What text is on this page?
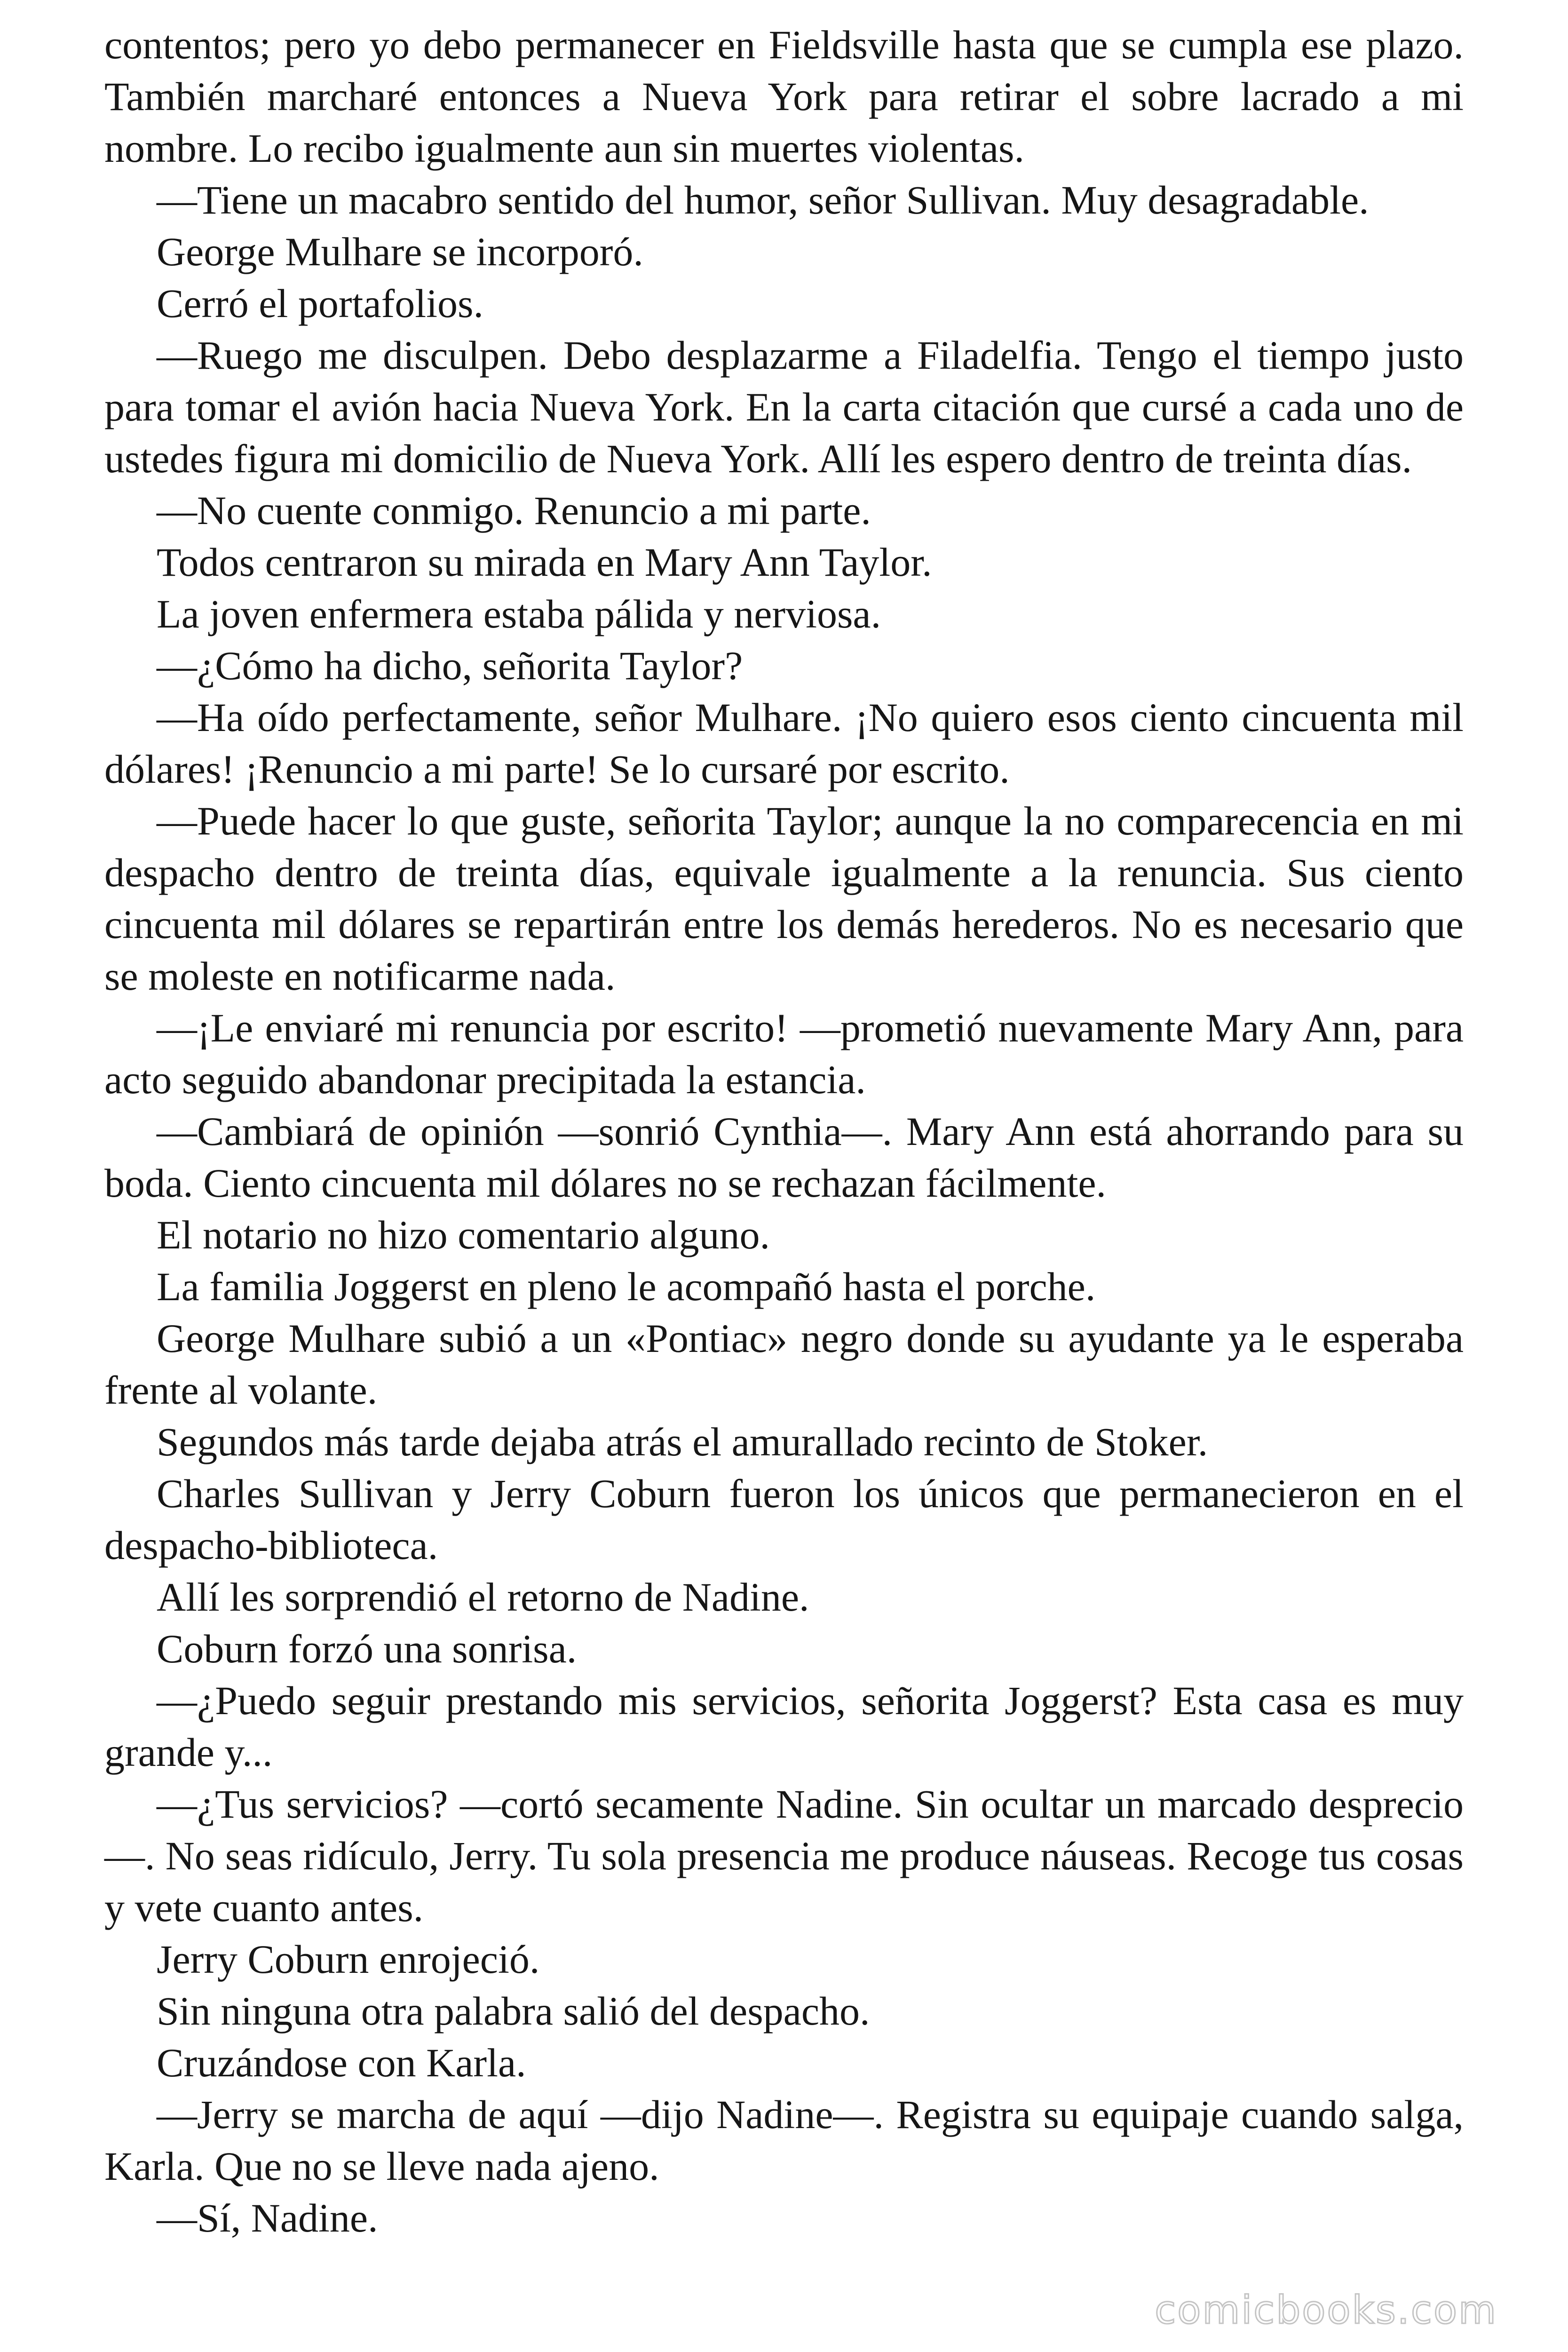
contentos; pero yo debo permanecer en Fieldsville hasta que se cumpla ese plazo. También marcharé entonces a Nueva York para retirar el sobre lacrado a mi nombre. Lo recibo igualmente aun sin muertes violentas.

—Tiene un macabro sentido del humor, señor Sullivan. Muy desagradable.

George Mulhare se incorporó.

Cerró el portafolios.

—Ruego me disculpen. Debo desplazarme a Filadelfia. Tengo el tiempo justo para tomar el avión hacia Nueva York. En la carta citación que cursé a cada uno de ustedes figura mi domicilio de Nueva York. Allí les espero dentro de treinta días.

—No cuente conmigo. Renuncio a mi parte.

Todos centraron su mirada en Mary Ann Taylor.

La joven enfermera estaba pálida y nerviosa.

—¿Cómo ha dicho, señorita Taylor?

—Ha oído perfectamente, señor Mulhare. ¡No quiero esos ciento cincuenta mil dólares! ¡Renuncio a mi parte! Se lo cursaré por escrito.

—Puede hacer lo que guste, señorita Taylor; aunque la no comparecencia en mi despacho dentro de treinta días, equivale igualmente a la renuncia. Sus ciento cincuenta mil dólares se repartirán entre los demás herederos. No es necesario que se moleste en notificarme nada.

—¡Le enviaré mi renuncia por escrito! —prometió nuevamente Mary Ann, para acto seguido abandonar precipitada la estancia.

—Cambiará de opinión —sonrió Cynthia—. Mary Ann está ahorrando para su boda. Ciento cincuenta mil dólares no se rechazan fácilmente.

El notario no hizo comentario alguno.

La familia Joggerst en pleno le acompañó hasta el porche.

George Mulhare subió a un «Pontiac» negro donde su ayudante ya le esperaba frente al volante.

Segundos más tarde dejaba atrás el amurallado recinto de Stoker.

Charles Sullivan y Jerry Coburn fueron los únicos que permanecieron en el despacho-biblioteca.

Allí les sorprendió el retorno de Nadine.

Coburn forzó una sonrisa.

—¿Puedo seguir prestando mis servicios, señorita Joggerst? Esta casa es muy grande y...

—¿Tus servicios? —cortó secamente Nadine. Sin ocultar un marcado desprecio—. No seas ridículo, Jerry. Tu sola presencia me produce náuseas. Recoge tus cosas y vete cuanto antes.

Jerry Coburn enrojeció.

Sin ninguna otra palabra salió del despacho.

Cruzándose con Karla.

—Jerry se marcha de aquí —dijo Nadine—. Registra su equipaje cuando salga, Karla. Que no se lleve nada ajeno.

—Sí, Nadine.

comicbooks.com
